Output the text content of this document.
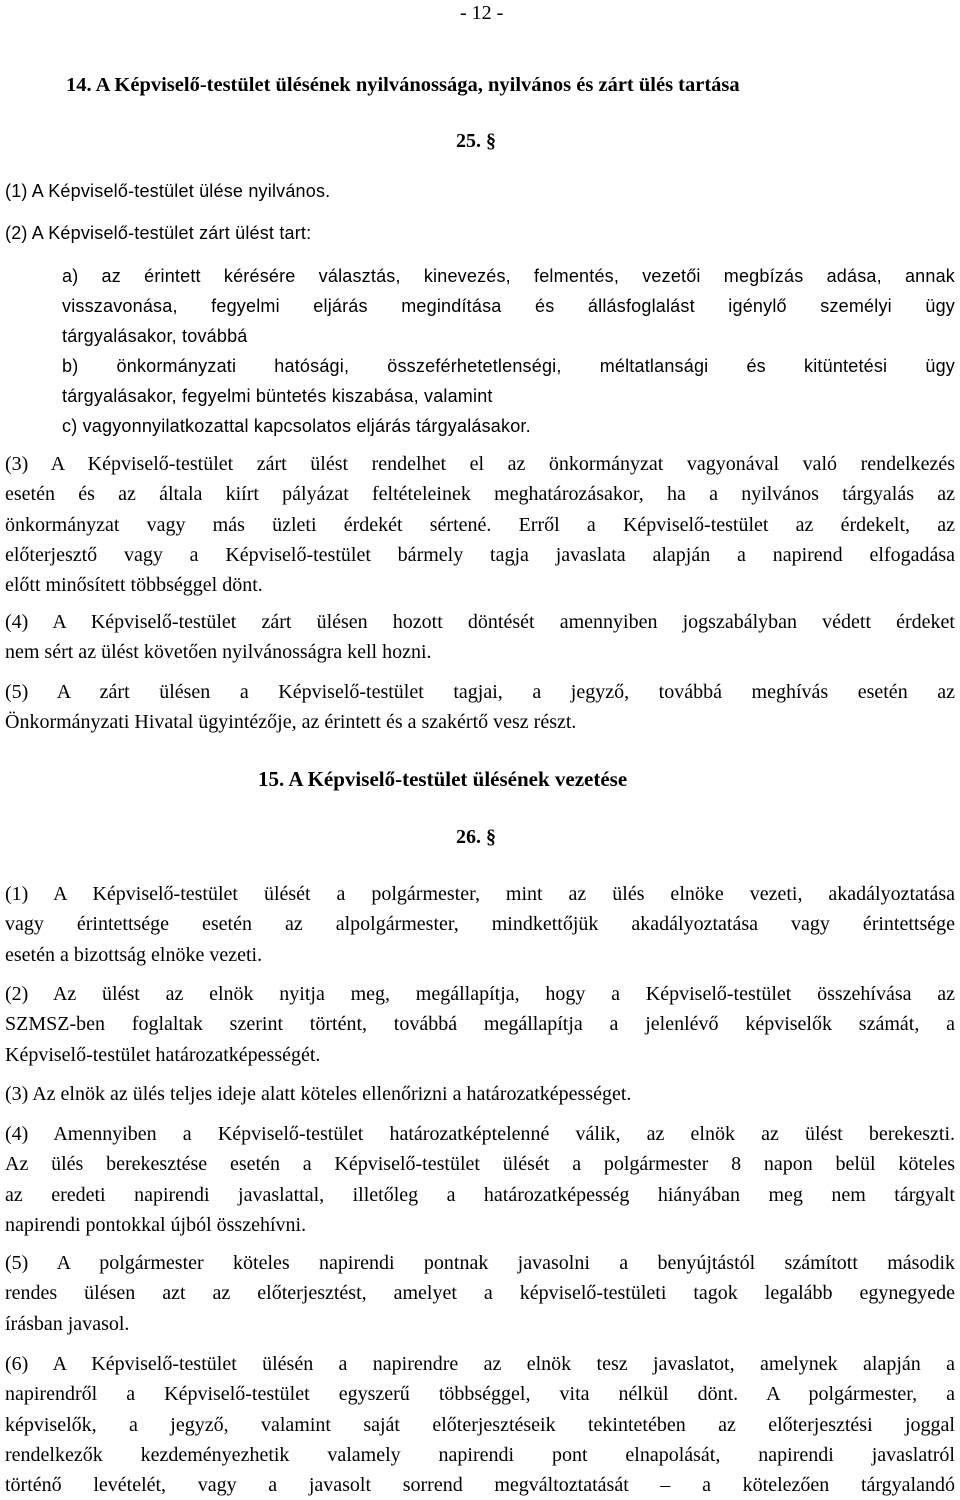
- 12 -
14. A Képviselő-testület ülésének nyilvánossága, nyilvános és zárt ülés tartása
25. §
(1) A Képviselő-testület ülése nyilvános.
(2) A Képviselő-testület zárt ülést tart:
a) az érintett kérésére választás, kinevezés, felmentés, vezetői megbízás adása, annak
visszavonása, fegyelmi eljárás megindítása és állásfoglalást igénylő személyi ügy
tárgyalásakor, továbbá
b) önkormányzati hatósági, összeférhetetlenségi, méltatlansági és kitüntetési ügy
tárgyalásakor, fegyelmi büntetés kiszabása, valamint
c) vagyonnyilatkozattal kapcsolatos eljárás tárgyalásakor.
(3) A Képviselő-testület zárt ülést rendelhet el az önkormányzat vagyonával való rendelkezés
esetén és az általa kiírt pályázat feltételeinek meghatározásakor, ha a nyilvános tárgyalás az
önkormányzat vagy más üzleti érdekét sértené. Erről a Képviselő-testület az érdekelt, az
előterjesztő vagy a Képviselő-testület bármely tagja javaslata alapján a napirend elfogadása
előtt minősített többséggel dönt.
(4) A Képviselő-testület zárt ülésen hozott döntését amennyiben jogszabályban védett érdeket
nem sért az ülést követően nyilvánosságra kell hozni.
(5) A zárt ülésen a Képviselő-testület tagjai, a jegyző, továbbá meghívás esetén az
Önkormányzati Hivatal ügyintézője, az érintett és a szakértő vesz részt.
15. A Képviselő-testület ülésének vezetése
26. §
(1) A Képviselő-testület ülését a polgármester, mint az ülés elnöke vezeti, akadályoztatása
vagy érintettsége esetén az alpolgármester, mindkettőjük akadályoztatása vagy érintettsége
esetén a bizottság elnöke vezeti.
(2) Az ülést az elnök nyitja meg, megállapítja, hogy a Képviselő-testület összehívása az
SZMSZ-ben foglaltak szerint történt, továbbá megállapítja a jelenlévő képviselők számát, a
Képviselő-testület határozatképességét.
(3) Az elnök az ülés teljes ideje alatt köteles ellenőrizni a határozatképességet.
(4) Amennyiben a Képviselő-testület határozatképtelenné válik, az elnök az ülést berekeszti.
Az ülés berekesztése esetén a Képviselő-testület ülését a polgármester 8 napon belül köteles
az eredeti napirendi javaslattal, illetőleg a határozatképesség hiányában meg nem tárgyalt
napirendi pontokkal újból összehívni.
(5) A polgármester köteles napirendi pontnak javasolni a benyújtástól számított második
rendes ülésen azt az előterjesztést, amelyet a képviselő-testületi tagok legalább egynegyede
írásban javasol.
(6) A Képviselő-testület ülésén a napirendre az elnök tesz javaslatot, amelynek alapján a
napirendről a Képviselő-testület egyszerű többséggel, vita nélkül dönt. A polgármester, a
képviselők, a jegyző, valamint saját előterjesztéseik tekintetében az előterjesztési joggal
rendelkezők kezdeményezhetik valamely napirendi pont elnapolását, napirendi javaslatról
történő levételét, vagy a javasolt sorrend megváltoztatását – a kötelezően tárgyalandó
